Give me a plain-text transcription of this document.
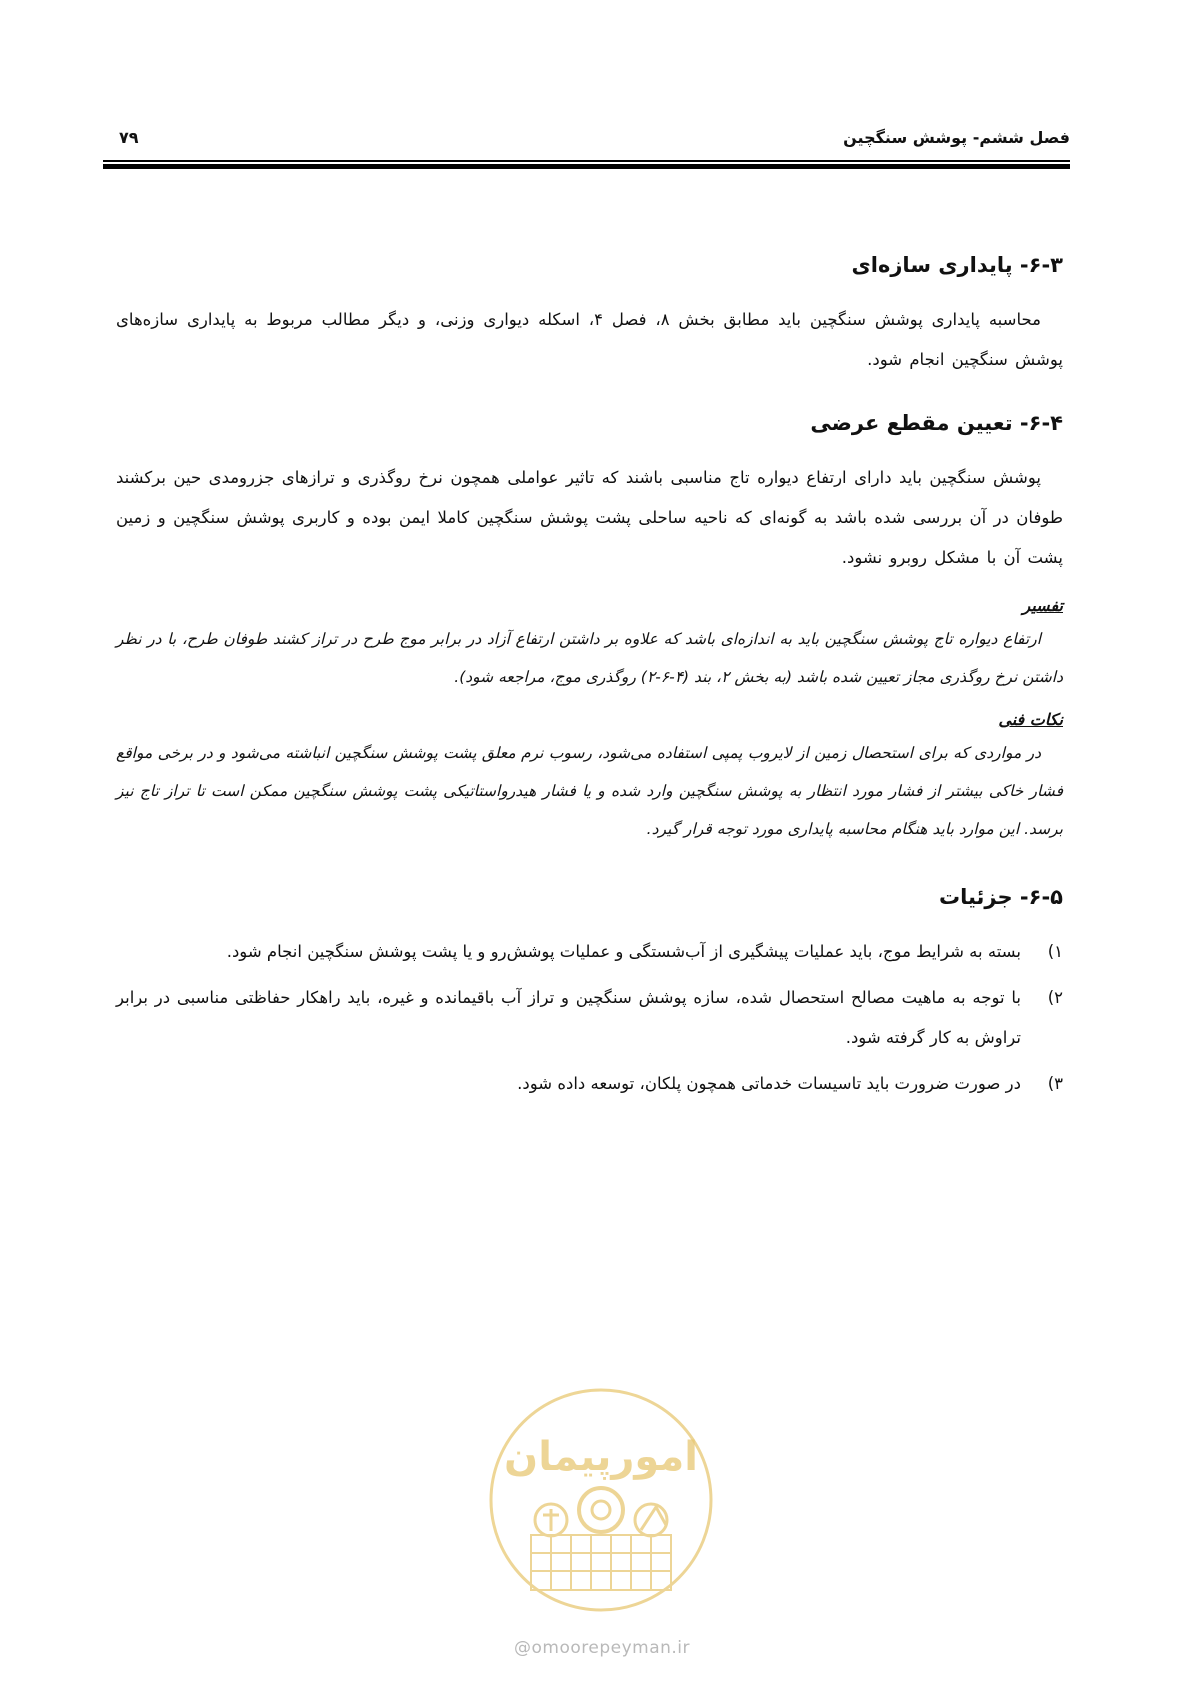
فصل ششم- پوشش سنگچین
۷۹
۶-۳- پایداری سازه‌ای

محاسبه پایداری پوشش سنگچین باید مطابق بخش ۸، فصل ۴، اسکله دیواری وزنی، و دیگر مطالب مربوط به پایداری سازه‌های پوشش سنگچین انجام شود.

۶-۴- تعیین مقطع عرضی

پوشش سنگچین باید دارای ارتفاع دیواره تاج مناسبی باشند که تاثیر عواملی همچون نرخ روگذری و ترازهای جزرومدی حین برکشند طوفان در آن بررسی شده باشد به گونه‌ای که ناحیه ساحلی پشت پوشش سنگچین کاملا ایمن بوده و کاربری پوشش سنگچین و زمین پشت آن با مشکل روبرو نشود.

تفسیر

ارتفاع دیواره تاج پوشش سنگچین باید به اندازه‌ای باشد که علاوه بر داشتن ارتفاع آزاد در برابر موج طرح در تراز کشند طوفان طرح، با در نظر داشتن نرخ روگذری مجاز تعیین شده باشد (به بخش ۲، بند (۴-۶-۲) روگذری موج، مراجعه شود).

نکات فنی

در مواردی که برای استحصال زمین از لایروب پمپی استفاده می‌شود، رسوب نرم معلق پشت پوشش سنگچین انباشته می‌شود و در برخی مواقع فشار خاکی بیشتر از فشار مورد انتظار به پوشش سنگچین وارد شده و یا فشار هیدرواستاتیکی پشت پوشش سنگچین ممکن است تا تراز تاج نیز برسد. این موارد باید هنگام محاسبه پایداری مورد توجه قرار گیرد.

۶-۵- جزئیات
۱)
بسته به شرایط موج، باید عملیات پیشگیری از آب‌شستگی و عملیات پوشش‌رو و یا پشت پوشش سنگچین انجام شود.
۲)
با توجه به ماهیت مصالح استحصال شده، سازه پوشش سنگچین و تراز آب باقیمانده و غیره، باید راهکار حفاظتی مناسبی در برابر تراوش به کار گرفته شود.
۳)
در صورت ضرورت باید تاسیسات خدماتی همچون پلکان، توسعه داده شود.
امورپیمان
@omoorepeyman.ir
